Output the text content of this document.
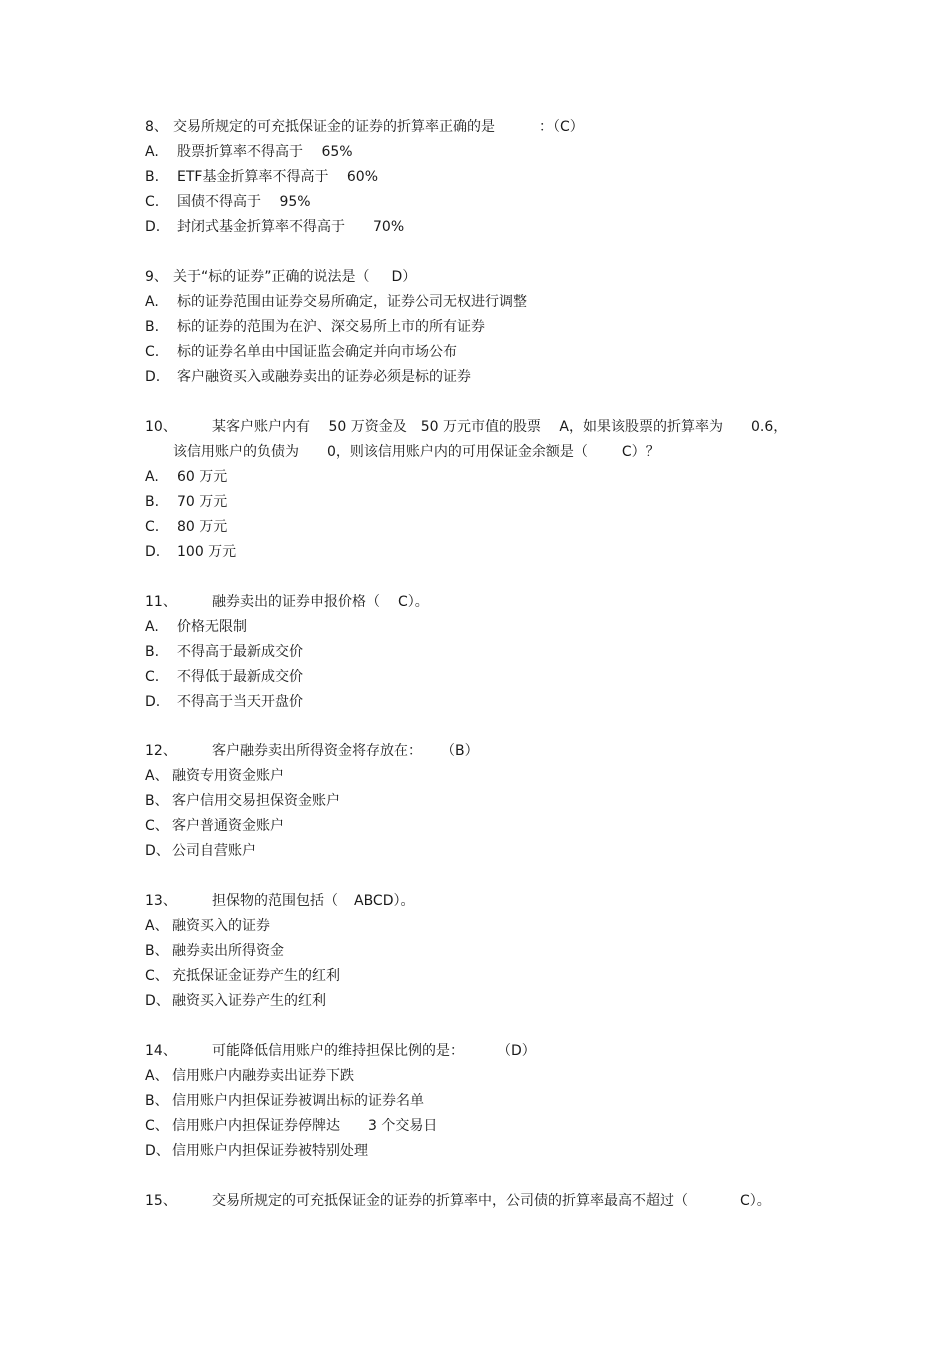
8、 交易所规定的可充抵保证金的证券的折算率正确的是	：（C）
A. 股票折算率不得高于　 65%
B. ETF基金折算率不得高于　 60%
C. 国债不得高于　 95%
D. 封闭式基金折算率不得高于　　70%
9、 关于“标的证券”正确的说法是（ D）
A. 标的证券范围由证券交易所确定，证券公司无权进行调整
B. 标的证券的范围为在沪、深交易所上市的所有证券
C. 标的证券名单由中国证监会确定并向市场公布
D. 客户融资买入或融券卖出的证券必须是标的证券
10、	某客户账户内有　 50 万资金及　50 万元市值的股票　 A，如果该股票的折算率为　　0.6，
该信用账户的负债为　　0，则该信用账户内的可用保证金余额是（ C）？
A. 60 万元
B. 70 万元
C. 80 万元
D. 100 万元
11、	融券卖出的证券申报价格（ C）。
A. 价格无限制
B. 不得高于最新成交价
C. 不得低于最新成交价
D. 不得高于当天开盘价
12、	客户融券卖出所得资金将存放在： （B）
A、 融资专用资金账户
B、 客户信用交易担保资金账户
C、 客户普通资金账户
D、 公司自营账户
13、	担保物的范围包括（ ABCD）。
A、 融资买入的证券
B、 融券卖出所得资金
C、 充抵保证金证券产生的红利
D、 融资买入证券产生的红利
14、	可能降低信用账户的维持担保比例的是：	（D）
A、 信用账户内融券卖出证券下跌
B、 信用账户内担保证券被调出标的证券名单
C、 信用账户内担保证券停牌达　　3 个交易日
D、 信用账户内担保证券被特别处理
15、	交易所规定的可充抵保证金的证券的折算率中，公司债的折算率最高不超过（	C）。
